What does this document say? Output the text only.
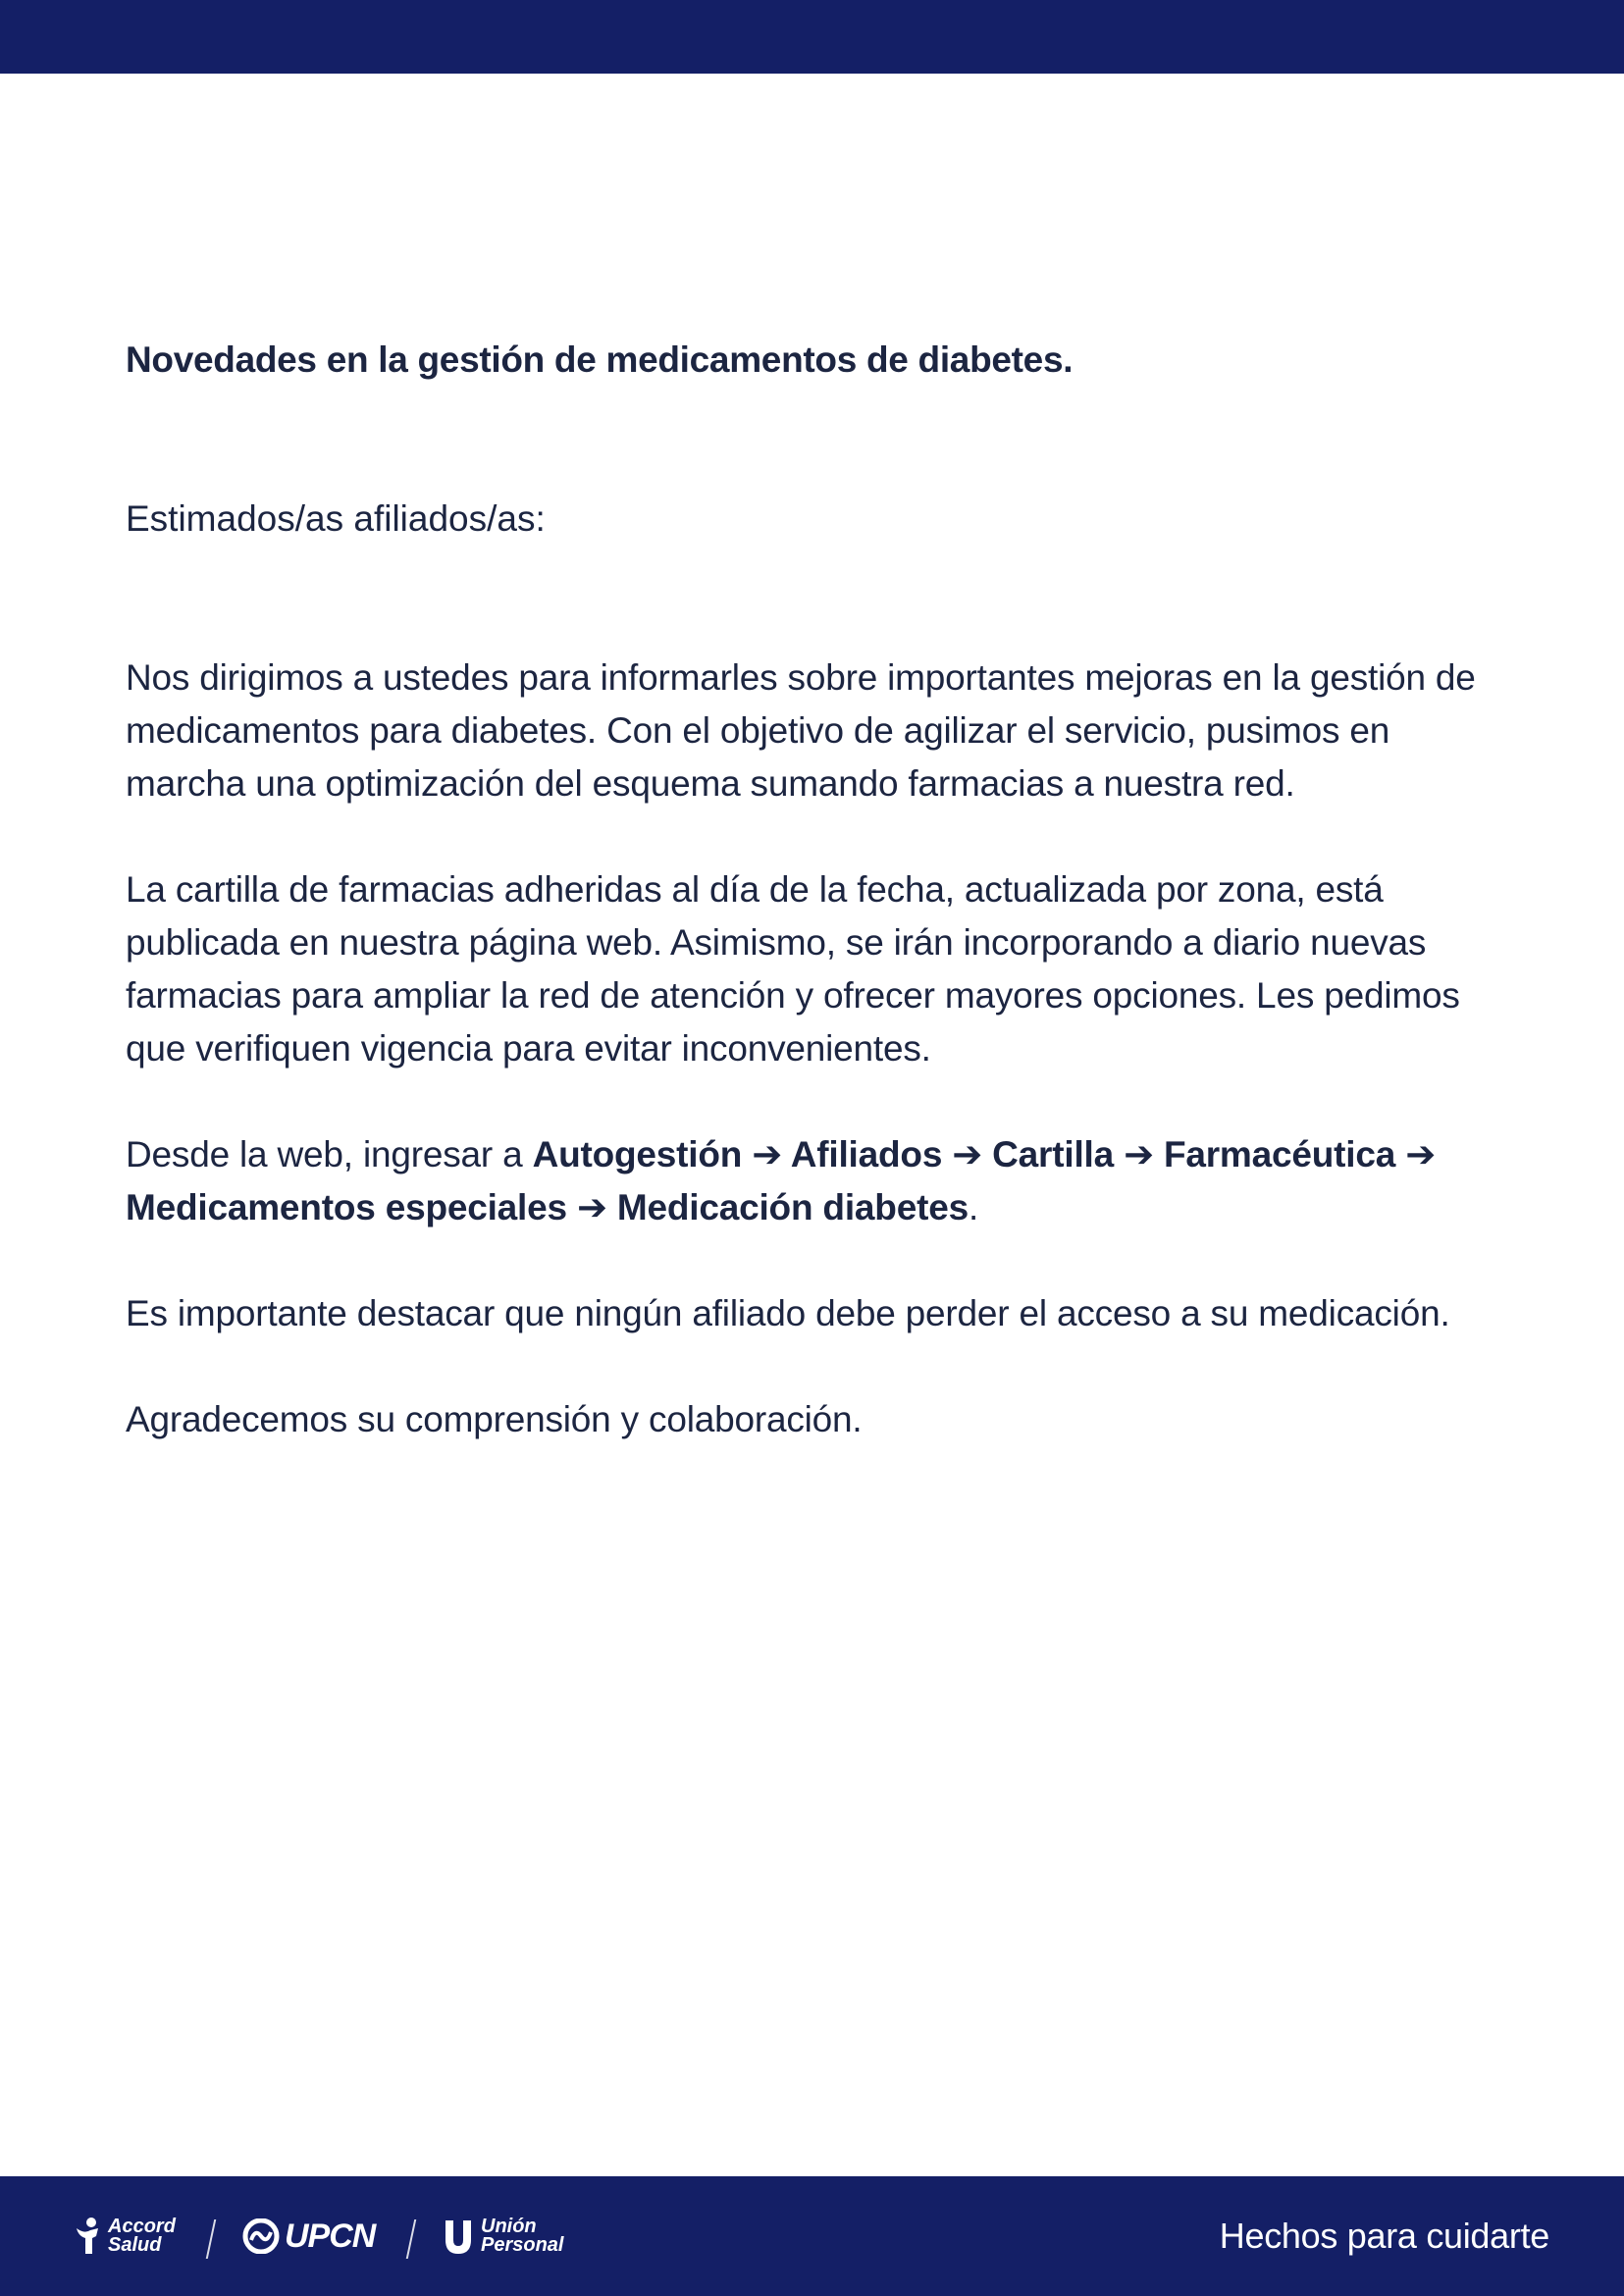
Novedades en la gestión de medicamentos de diabetes.

Estimados/as afiliados/as:

Nos dirigimos a ustedes para informarles sobre importantes mejoras en la gestión de medicamentos para diabetes. Con el objetivo de agilizar el servicio, pusimos en marcha una optimización del esquema sumando farmacias a nuestra red.

La cartilla de farmacias adheridas al día de la fecha, actualizada por zona, está publicada en nuestra página web. Asimismo, se irán incorporando a diario nuevas farmacias para ampliar la red de atención y ofrecer mayores opciones. Les pedimos que verifiquen vigencia para evitar inconvenientes.

Desde la web, ingresar a Autogestión ➔ Afiliados ➔ Cartilla ➔ Farmacéutica ➔ Medicamentos especiales ➔ Medicación diabetes.

Es importante destacar que ningún afiliado debe perder el acceso a su medicación.

Agradecemos su comprensión y colaboración.

Accord
Salud	UPCN	Unión
Personal	Hechos para cuidarte
